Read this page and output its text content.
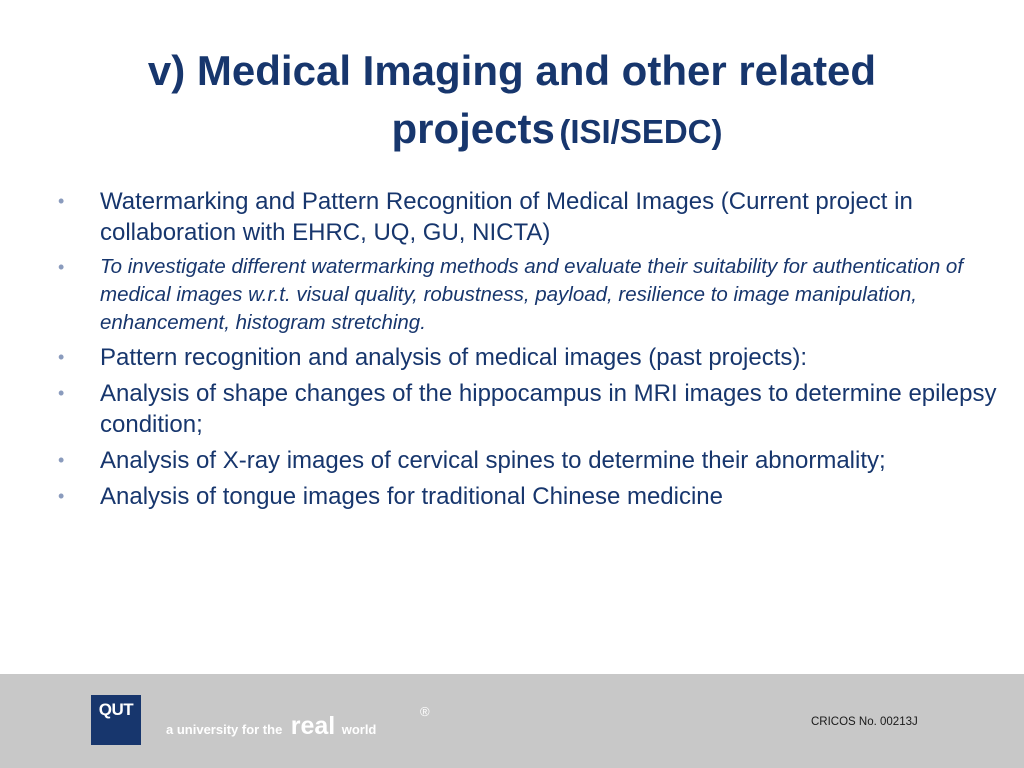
v) Medical Imaging and other related
projects (ISI/SEDC)
• Watermarking and Pattern Recognition of Medical Images (Current project in collaboration with EHRC, UQ, GU, NICTA)
• To investigate different watermarking methods and evaluate their suitability for authentication of medical images w.r.t. visual quality, robustness, payload, resilience to image manipulation, enhancement, histogram stretching.
• Pattern recognition and analysis of medical images (past projects):
• Analysis of shape changes of the hippocampus in MRI images to determine epilepsy condition;
• Analysis of X-ray images of cervical spines to determine their abnormality;
• Analysis of tongue images for traditional Chinese medicine
QUT
a university for the real world
®
CRICOS No. 00213J
